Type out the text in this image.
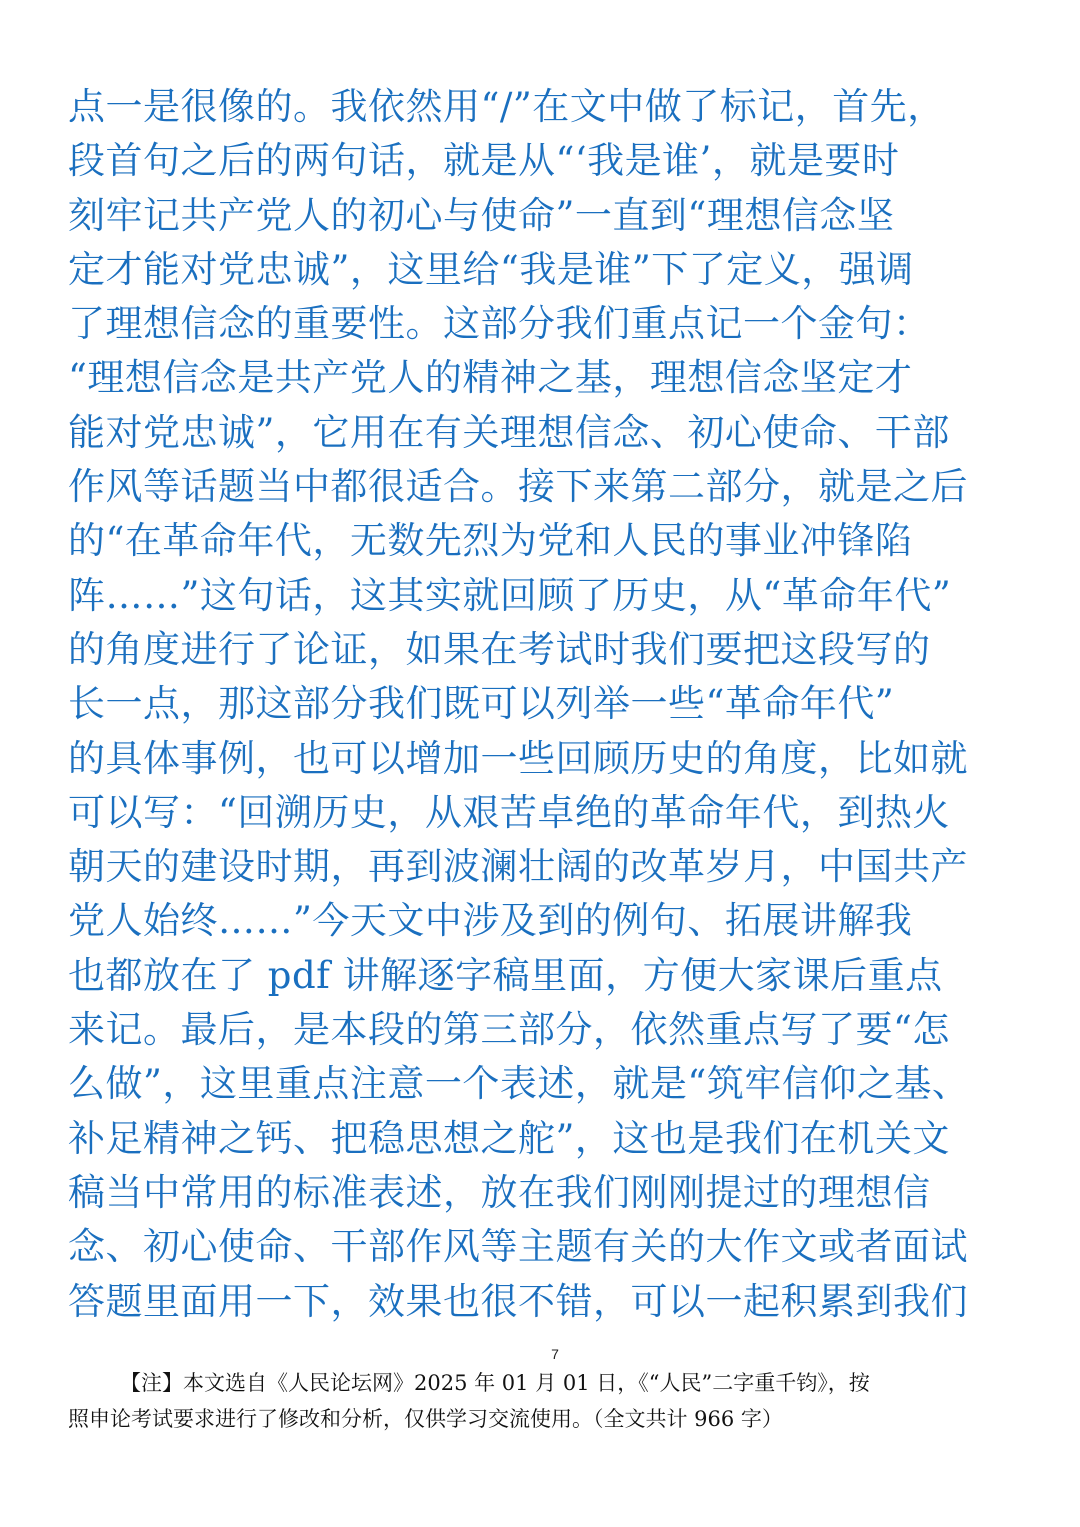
点一是很像的。我依然用“/”在文中做了标记，首先，
段首句之后的两句话，就是从“‘我是谁’，就是要时
刻牢记共产党人的初心与使命”一直到“理想信念坚
定才能对党忠诚”，这里给“我是谁”下了定义，强调
了理想信念的重要性。这部分我们重点记一个金句：
“理想信念是共产党人的精神之基，理想信念坚定才
能对党忠诚”，它用在有关理想信念、初心使命、干部
作风等话题当中都很适合。接下来第二部分，就是之后
的“在革命年代，无数先烈为党和人民的事业冲锋陷
阵……”这句话，这其实就回顾了历史，从“革命年代”
的角度进行了论证，如果在考试时我们要把这段写的
长一点，那这部分我们既可以列举一些“革命年代”
的具体事例，也可以增加一些回顾历史的角度，比如就
可以写：“回溯历史，从艰苦卓绝的革命年代，到热火
朝天的建设时期，再到波澜壮阔的改革岁月，中国共产
党人始终……”今天文中涉及到的例句、拓展讲解我
也都放在了 pdf 讲解逐字稿里面，方便大家课后重点
来记。最后，是本段的第三部分，依然重点写了要“怎
么做”，这里重点注意一个表述，就是“筑牢信仰之基、
补足精神之钙、把稳思想之舵”，这也是我们在机关文
稿当中常用的标准表述，放在我们刚刚提过的理想信
念、初心使命、干部作风等主题有关的大作文或者面试
答题里面用一下，效果也很不错，可以一起积累到我们

7
【注】本文选自《人民论坛网》2025 年 01 月 01 日，《“人民”二字重千钧》，按
照申论考试要求进行了修改和分析，仅供学习交流使用。（全文共计 966 字）
